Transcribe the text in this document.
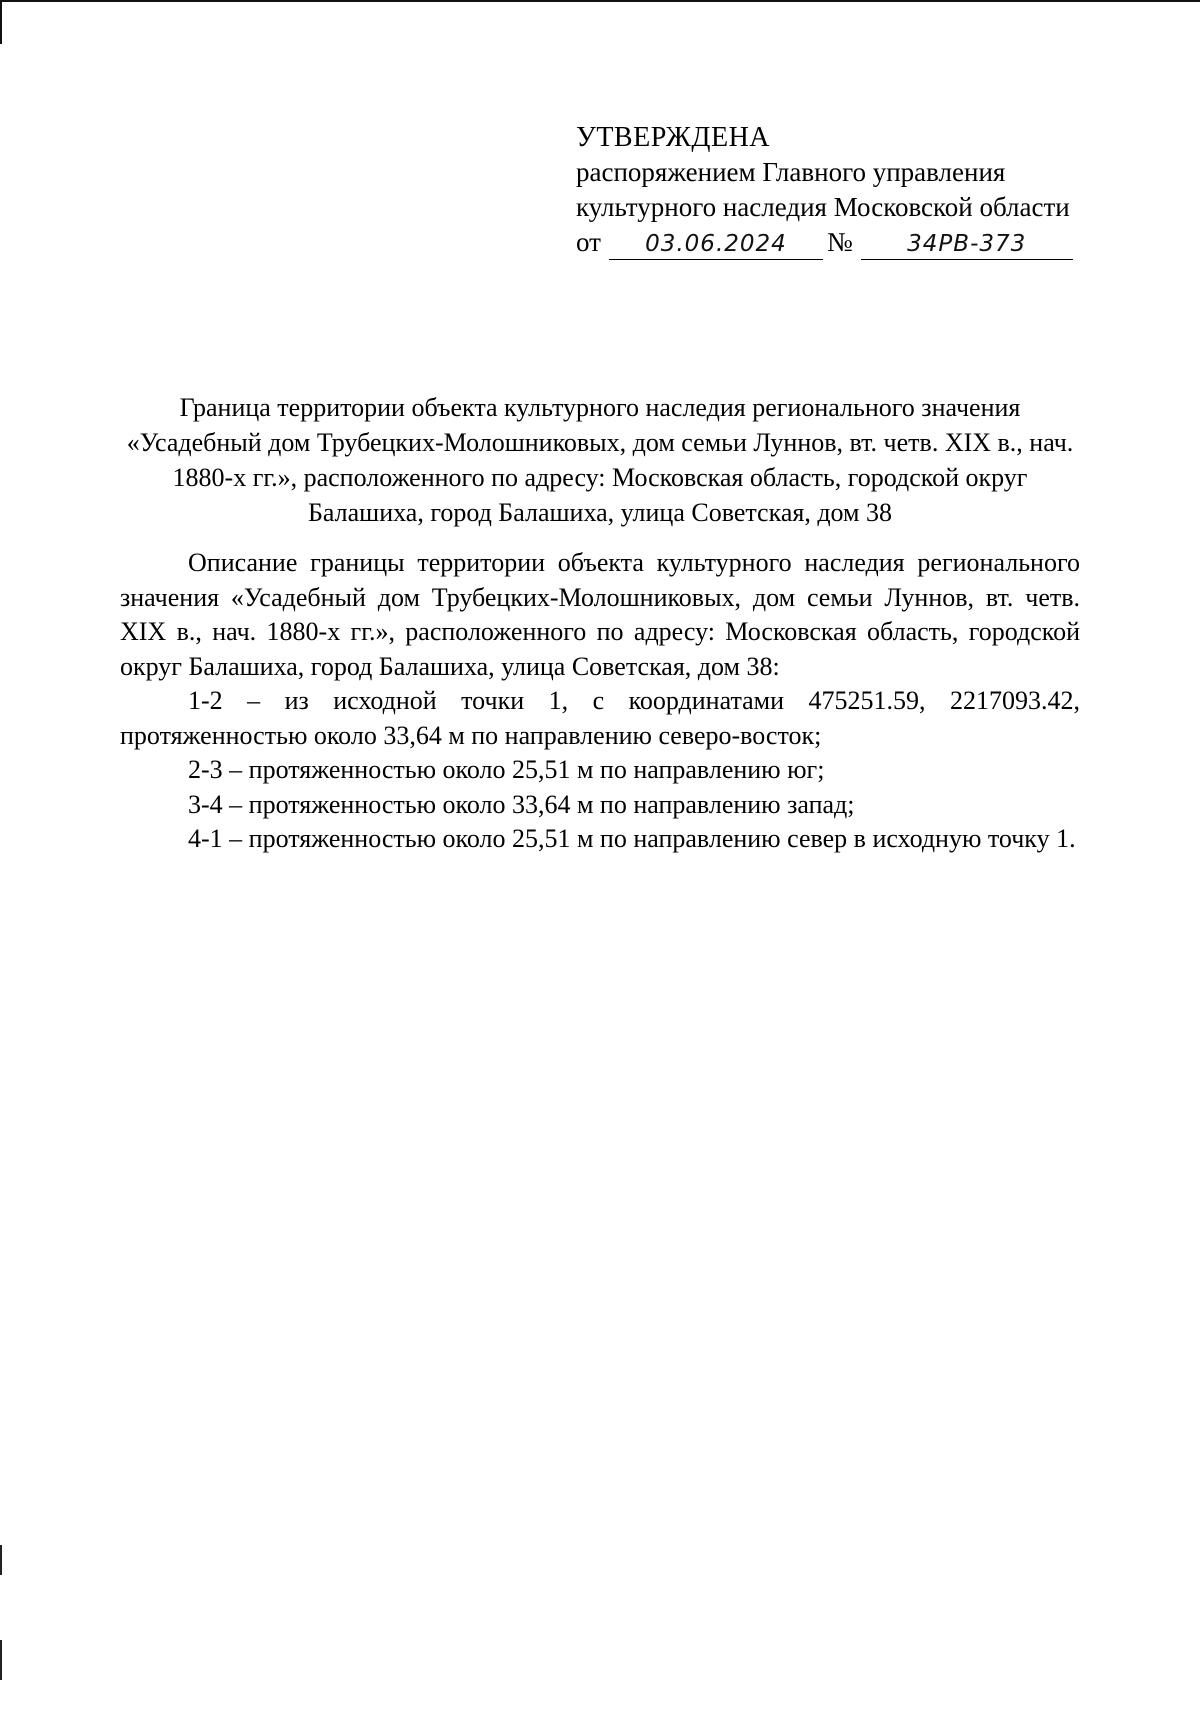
УТВЕРЖДЕНА
распоряжением Главного управления
культурного наследия Московской области
от	03.06.2024	№	34РВ-373
Граница территории объекта культурного наследия регионального значения «Усадебный дом Трубецких-Молошниковых, дом семьи Луннов, вт. четв. XIX в., нач. 1880-х гг.», расположенного по адресу: Московская область, городской округ Балашиха, город Балашиха, улица Советская, дом 38

Описание границы территории объекта культурного наследия регионального значения «Усадебный дом Трубецких-Молошниковых, дом семьи Луннов, вт. четв. XIX в., нач. 1880-х гг.», расположенного по адресу: Московская область, городской округ Балашиха, город Балашиха, улица Советская, дом 38:

1-2 – из исходной точки 1, с координатами 475251.59, 2217093.42, протяженностью около 33,64 м по направлению северо-восток;

2-3 – протяженностью около 25,51 м по направлению юг;

3-4 – протяженностью около 33,64 м по направлению запад;

4-1 – протяженностью около 25,51 м по направлению север в исходную точку 1.
